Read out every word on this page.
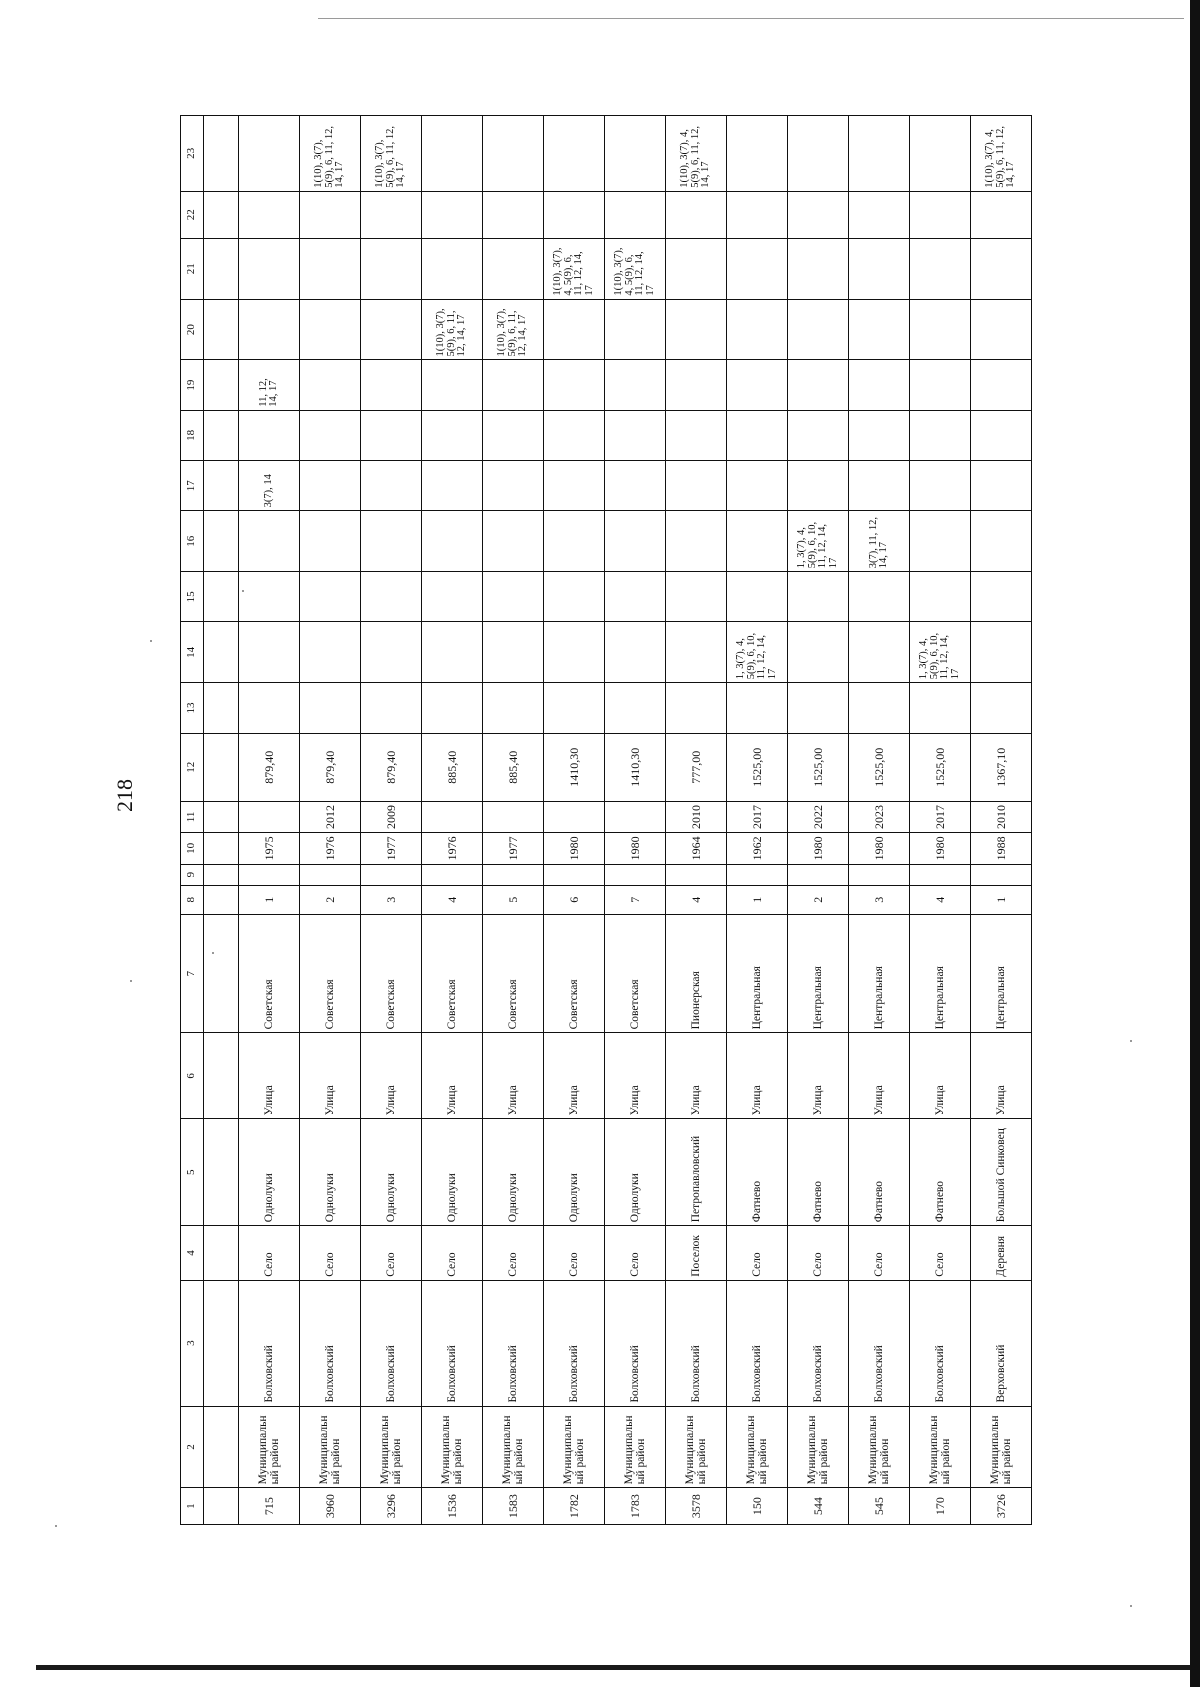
218
1	2	3	4	5	6	7	8	9	10	11	12	13	14	15	16	17	18	19	20	21	22	23

715	Муниципальный район	Болховский	Село	Однолуки	Улица	Советская	1		1975		879,40					3(7), 14		11, 12, 14, 17				
3960	Муниципальный район	Болховский	Село	Однолуки	Улица	Советская	2		1976	2012	879,40											1(10), 3(7), 5(9), 6, 11, 12, 14, 17
3296	Муниципальный район	Болховский	Село	Однолуки	Улица	Советская	3		1977	2009	879,40											1(10), 3(7), 5(9), 6, 11, 12, 14, 17
1536	Муниципальный район	Болховский	Село	Однолуки	Улица	Советская	4		1976		885,40								1(10), 3(7), 5(9), 6, 11, 12, 14, 17			
1583	Муниципальный район	Болховский	Село	Однолуки	Улица	Советская	5		1977		885,40								1(10), 3(7), 5(9), 6, 11, 12, 14, 17			
1782	Муниципальный район	Болховский	Село	Однолуки	Улица	Советская	6		1980		1410,30									1(10), 3(7), 4, 5(9), 6, 11, 12, 14, 17		
1783	Муниципальный район	Болховский	Село	Однолуки	Улица	Советская	7		1980		1410,30									1(10), 3(7), 4, 5(9), 6, 11, 12, 14, 17		
3578	Муниципальный район	Болховский	Поселок	Петропавловский	Улица	Пионерская	4		1964	2010	777,00											1(10), 3(7), 4, 5(9), 6, 11, 12, 14, 17
150	Муниципальный район	Болховский	Село	Фатневo	Улица	Центральная	1		1962	2017	1525,00		1, 3(7), 4, 5(9), 6, 10, 11, 12, 14, 17									
544	Муниципальный район	Болховский	Село	Фатнево	Улица	Центральная	2		1980	2022	1525,00				1, 3(7), 4, 5(9), 6, 10, 11, 12, 14, 17							
545	Муниципальный район	Болховский	Село	Фатнево	Улица	Центральная	3		1980	2023	1525,00				3(7), 11, 12, 14, 17							
170	Муниципальный район	Болховский	Село	Фатнево	Улица	Центральная	4		1980	2017	1525,00		1, 3(7), 4, 5(9), 6, 10, 11, 12, 14, 17									
3726	Муниципальный район	Верховский	Деревня	Большой Синковец	Улица	Центральная	1		1988	2010	1367,10											1(10), 3(7), 4, 5(9), 6, 11, 12, 14, 17
